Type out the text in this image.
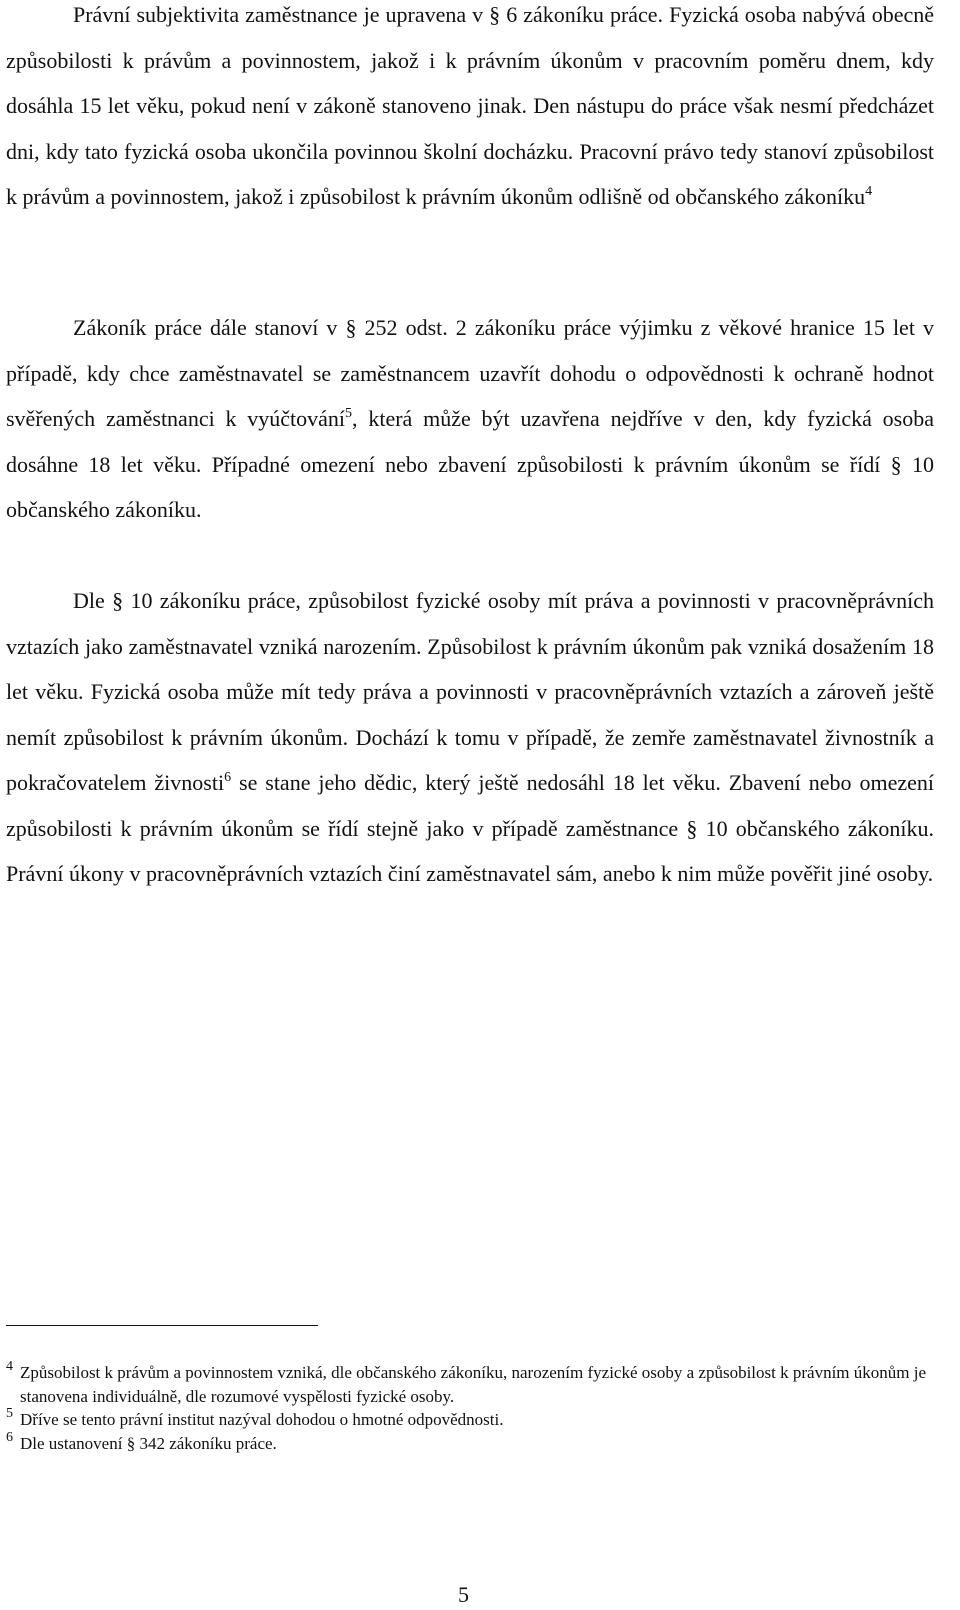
Právní subjektivita zaměstnance je upravena v § 6 zákoníku práce. Fyzická osoba nabývá obecně způsobilosti k právům a povinnostem, jakož i k právním úkonům v pracovním poměru dnem, kdy dosáhla 15 let věku, pokud není v zákoně stanoveno jinak. Den nástupu do práce však nesmí předcházet dni, kdy tato fyzická osoba ukončila povinnou školní docházku. Pracovní právo tedy stanoví způsobilost k právům a povinnostem, jakož i způsobilost k právním úkonům odlišně od občanského zákoníku$^4$

Zákoník práce dále stanoví v § 252 odst. 2 zákoníku práce výjimku z věkové hranice 15 let v případě, kdy chce zaměstnavatel se zaměstnancem uzavřít dohodu o odpovědnosti k ochraně hodnot svěřených zaměstnanci k vyúčtování$^5$, která může být uzavřena nejdříve v den, kdy fyzická osoba dosáhne 18 let věku. Případné omezení nebo zbavení způsobilosti k právním úkonům se řídí § 10 občanského zákoníku.

Dle § 10 zákoníku práce, způsobilost fyzické osoby mít práva a povinnosti v pracovněprávních vztazích jako zaměstnavatel vzniká narozením. Způsobilost k právním úkonům pak vzniká dosažením 18 let věku. Fyzická osoba může mít tedy práva a povinnosti v pracovněprávních vztazích a zároveň ještě nemít způsobilost k právním úkonům. Dochází k tomu v případě, že zemře zaměstnavatel živnostník a pokračovatelem živnosti$^6$ se stane jeho dědic, který ještě nedosáhl 18 let věku. Zbavení nebo omezení způsobilosti k právním úkonům se řídí stejně jako v případě zaměstnance § 10 občanského zákoníku. Právní úkony v pracovněprávních vztazích činí zaměstnavatel sám, anebo k nim může pověřit jiné osoby.

4 Způsobilost k právům a povinnostem vzniká, dle občanského zákoníku, narozením fyzické osoby a způsobilost k právním úkonům je stanovena individuálně, dle rozumové vyspělosti fyzické osoby.
5 Dříve se tento právní institut nazýval dohodou o hmotné odpovědnosti.
6 Dle ustanovení § 342 zákoníku práce.
5
